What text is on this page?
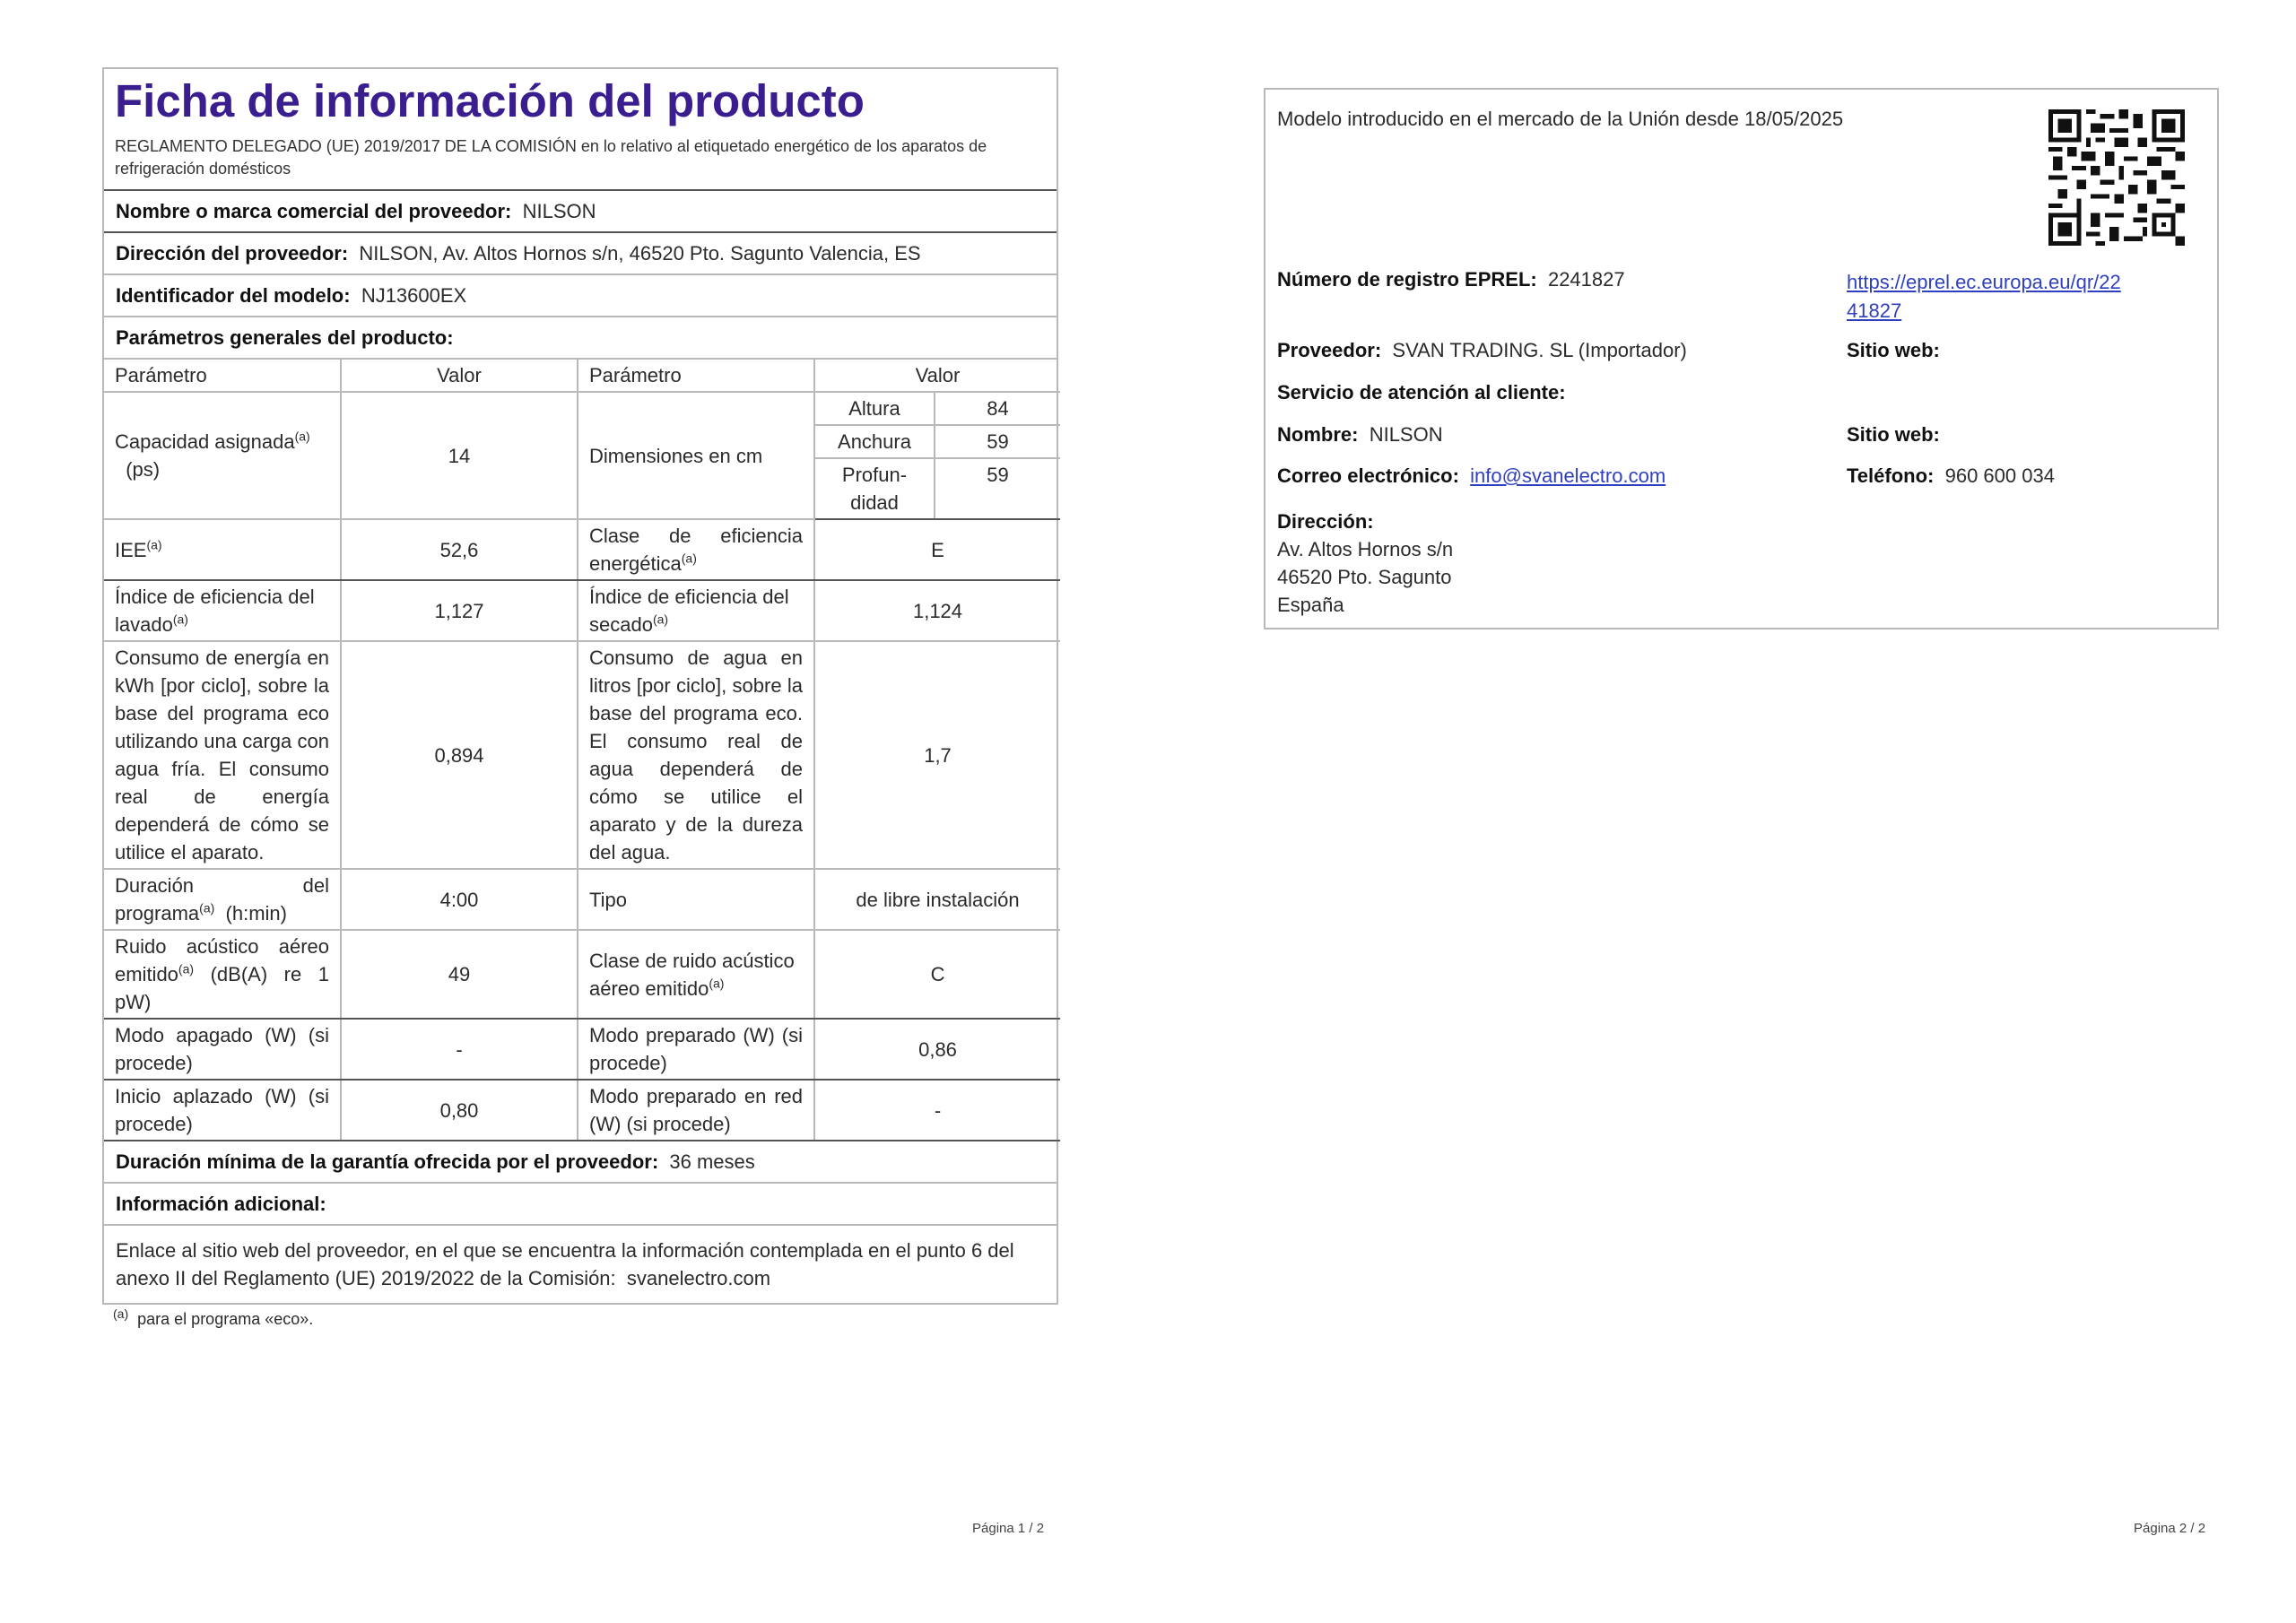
Ficha de información del producto
REGLAMENTO DELEGADO (UE) 2019/2017 DE LA COMISIÓN en lo relativo al etiquetado energético de los aparatos de refrigeración domésticos
Nombre o marca comercial del proveedor: NILSON
Dirección del proveedor: NILSON, Av. Altos Hornos s/n, 46520 Pto. Sagunto Valencia, ES
Identificador del modelo: NJ13600EX
Parámetros generales del producto:
Parámetro	Valor	Parámetro	Valor	
Capacidad asignada$^{(a)}$
(ps)	14	Dimensiones en cm	Altura	84
			Anchura	59
			Profun-didad	59
IEE$^{(a)}$	52,6	Clase de eficiencia energética$^{(a)}$	E	
Índice de eficiencia del lavado$^{(a)}$	1,127	Índice de eficiencia del secado$^{(a)}$	1,124	
Consumo de energía en kWh [por ciclo], sobre la base del programa eco utilizando una carga con agua fría. El consumo real de energía dependerá de cómo se utilice el aparato.	0,894	Consumo de agua en litros [por ciclo], sobre la base del programa eco. El consumo real de agua dependerá de cómo se utilice el aparato y de la dureza del agua.	1,7	
Duración del programa$^{(a)}$ (h:min)	4:00	Tipo	de libre instalación	
Ruido acústico aéreo emitido$^{(a)}$ (dB(A) re 1 pW)	49	Clase de ruido acústico aéreo emitido$^{(a)}$	C	
Modo apagado (W) (si procede)	-	Modo preparado (W) (si procede)	0,86	
Inicio aplazado (W) (si procede)	0,80	Modo preparado en red (W) (si procede)	-	
Duración mínima de la garantía ofrecida por el proveedor: 36 meses
Información adicional:
Enlace al sitio web del proveedor, en el que se encuentra la información contemplada en el punto 6 del anexo II del Reglamento (UE) 2019/2022 de la Comisión: svanelectro.com
$^{(a)}$ para el programa «eco».
Página 1 / 2
Modelo introducido en el mercado de la Unión desde 18/05/2025
Número de registro EPREL: 2241827	https://eprel.ec.europa.eu/qr/22
41827
Proveedor: SVAN TRADING. SL (Importador)	Sitio web:
Servicio de atención al cliente:
Nombre: NILSON	Sitio web:
Correo electrónico: info@svanelectro.com	Teléfono: 960 600 034
Dirección:
Av. Altos Hornos s/n
46520 Pto. Sagunto
España
Página 2 / 2
